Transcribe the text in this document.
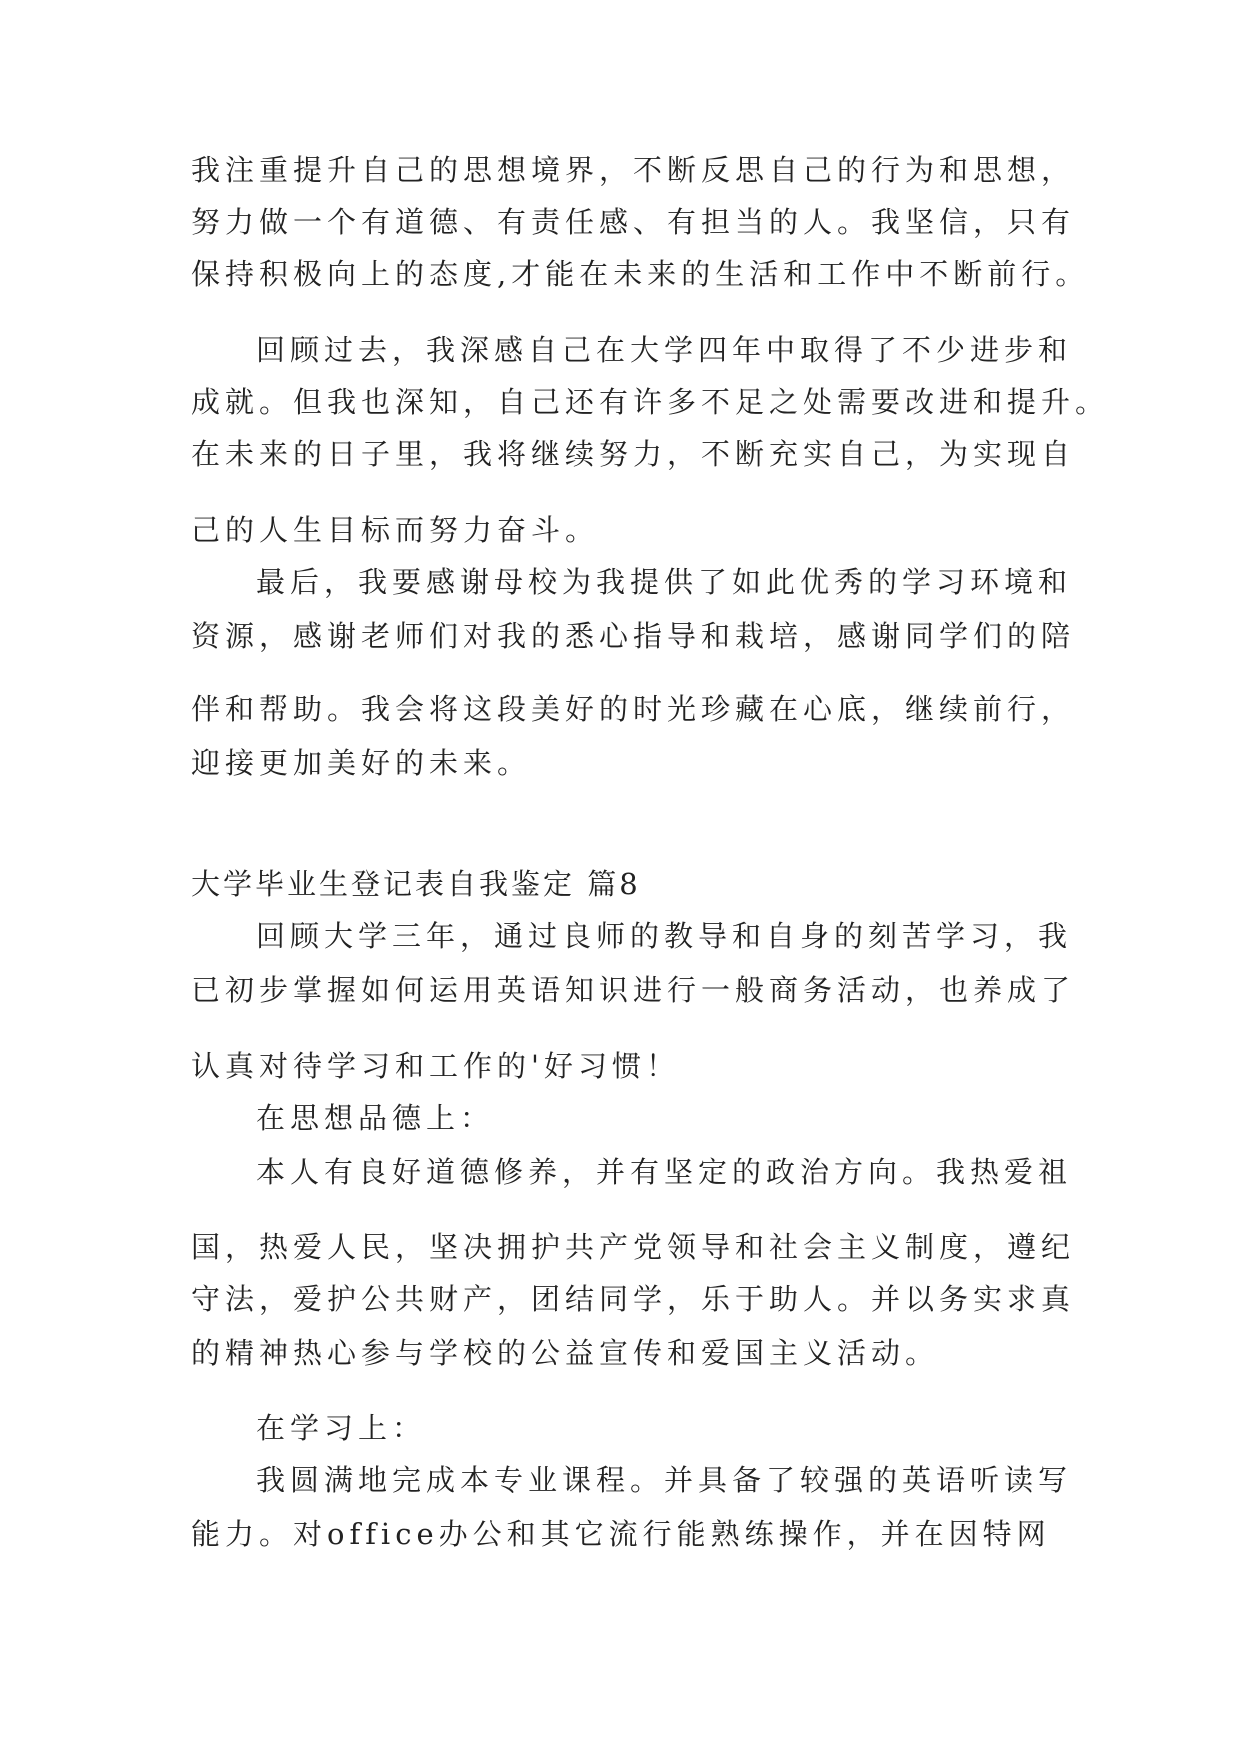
我注重提升自己的思想境界，不断反思自己的行为和思想，
努力做一个有道德、有责任感、有担当的人。我坚信，只有
保持积极向上的态度,才能在未来的生活和工作中不断前行。
回顾过去，我深感自己在大学四年中取得了不少进步和
成就。但我也深知，自己还有许多不足之处需要改进和提升。
在未来的日子里，我将继续努力，不断充实自己，为实现自
己的人生目标而努力奋斗。
最后，我要感谢母校为我提供了如此优秀的学习环境和
资源，感谢老师们对我的悉心指导和栽培，感谢同学们的陪
伴和帮助。我会将这段美好的时光珍藏在心底，继续前行，
迎接更加美好的未来。
大学毕业生登记表自我鉴定 篇8
回顾大学三年，通过良师的教导和自身的刻苦学习，我
已初步掌握如何运用英语知识进行一般商务活动，也养成了
认真对待学习和工作的'好习惯！
在思想品德上：
本人有良好道德修养，并有坚定的政治方向。我热爱祖
国，热爱人民，坚决拥护共产党领导和社会主义制度，遵纪
守法，爱护公共财产，团结同学，乐于助人。并以务实求真
的精神热心参与学校的公益宣传和爱国主义活动。
在学习上：
我圆满地完成本专业课程。并具备了较强的英语听读写
能力。对office办公和其它流行能熟练操作，并在因特网
